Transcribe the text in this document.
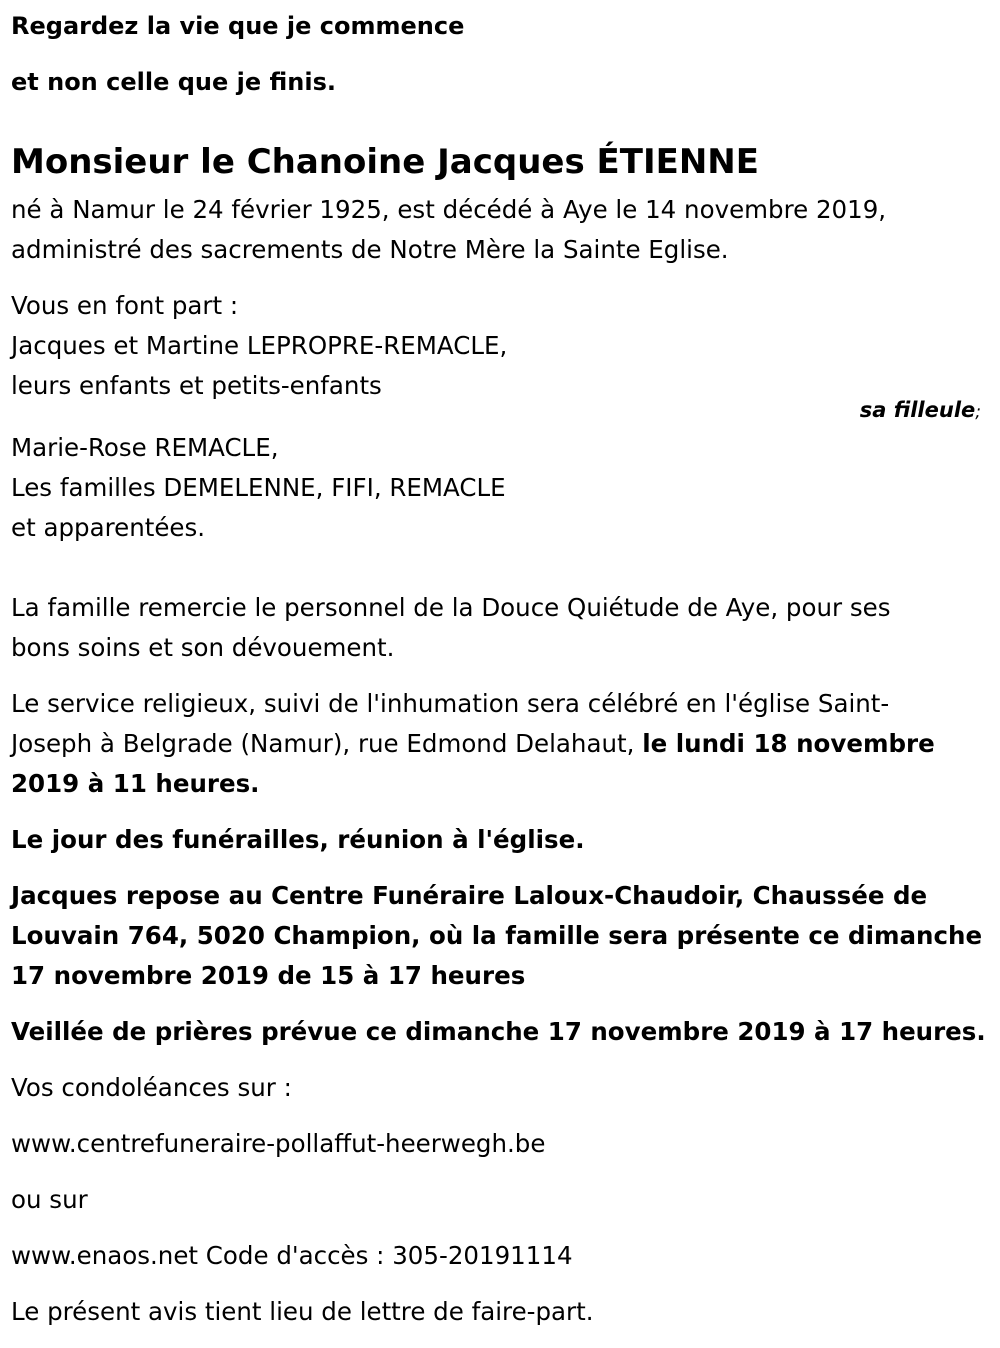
Regardez la vie que je commence
et non celle que je finis.
Monsieur le Chanoine Jacques ÉTIENNE
né à Namur le 24 février 1925, est décédé à Aye le 14 novembre 2019,
administré des sacrements de Notre Mère la Sainte Eglise.
Vous en font part :
Jacques et Martine LEPROPRE-REMACLE,
leurs enfants et petits-enfants
sa filleule;
Marie-Rose REMACLE,
Les familles DEMELENNE, FIFI, REMACLE
et apparentées.
La famille remercie le personnel de la Douce Quiétude de Aye, pour ses
bons soins et son dévouement.
Le service religieux, suivi de l'inhumation sera célébré en l'église Saint-
Joseph à Belgrade (Namur), rue Edmond Delahaut, le lundi 18 novembre
2019 à 11 heures.
Le jour des funérailles, réunion à l'église.
Jacques repose au Centre Funéraire Laloux-Chaudoir, Chaussée de
Louvain 764, 5020 Champion, où la famille sera présente ce dimanche
17 novembre 2019 de 15 à 17 heures
Veillée de prières prévue ce dimanche 17 novembre 2019 à 17 heures.
Vos condoléances sur :
www.centrefuneraire-pollaffut-heerwegh.be
ou sur
www.enaos.net Code d'accès : 305-20191114
Le présent avis tient lieu de lettre de faire-part.
